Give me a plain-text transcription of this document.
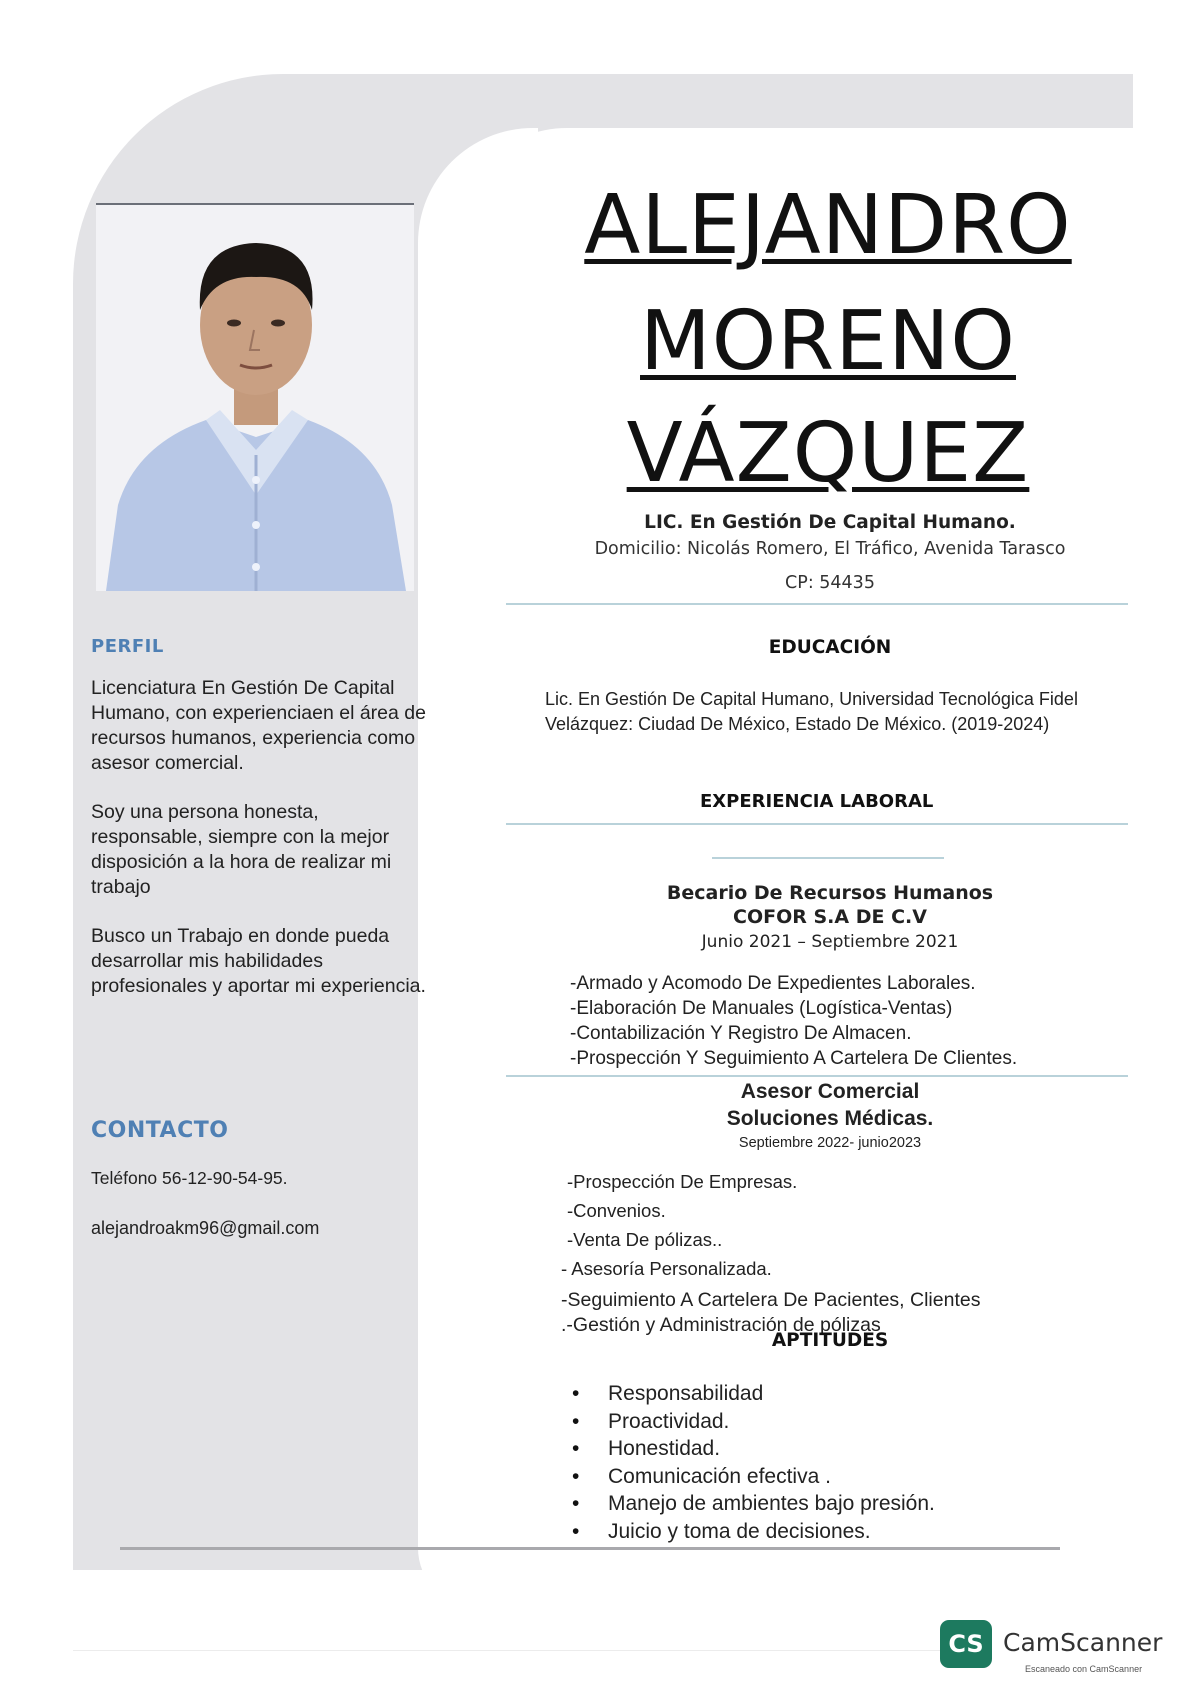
PERFIL
Licenciatura En Gestión De Capital Humano, con experienciaen el área de recursos humanos, experiencia como asesor comercial.
Soy una persona honesta, responsable, siempre con la mejor disposición a la hora de realizar mi trabajo
Busco un Trabajo en donde pueda desarrollar mis habilidades profesionales y aportar mi experiencia.
CONTACTO
Teléfono 56-12-90-54-95.
alejandroakm96@gmail.com
ALEJANDRO
MORENO
VÁZQUEZ
LIC. En Gestión De Capital Humano.
Domicilio: Nicolás Romero, El Tráfico, Avenida Tarasco
CP: 54435
EDUCACIÓN
Lic. En Gestión De Capital Humano, Universidad Tecnológica Fidel
Velázquez: Ciudad De México, Estado De México. (2019-2024)
EXPERIENCIA LABORAL
Becario De Recursos Humanos
COFOR S.A DE C.V
Junio 2021 – Septiembre 2021
-Armado y Acomodo De Expedientes Laborales.
-Elaboración De Manuales (Logística-Ventas)
-Contabilización Y Registro De Almacen.
-Prospección Y Seguimiento A Cartelera De Clientes.
Asesor Comercial
Soluciones Médicas.
Septiembre 2022- junio2023
-Prospección De Empresas.
-Convenios.
-Venta De pólizas..
- Asesoría Personalizada.
-Seguimiento A Cartelera De Pacientes, Clientes
.-Gestión y Administración de pólizas
APTITUDES
• Responsabilidad
• Proactividad.
• Honestidad.
• Comunicación efectiva .
• Manejo de ambientes bajo presión.
• Juicio y toma de decisiones.
CS CamScanner
Escaneado con CamScanner
